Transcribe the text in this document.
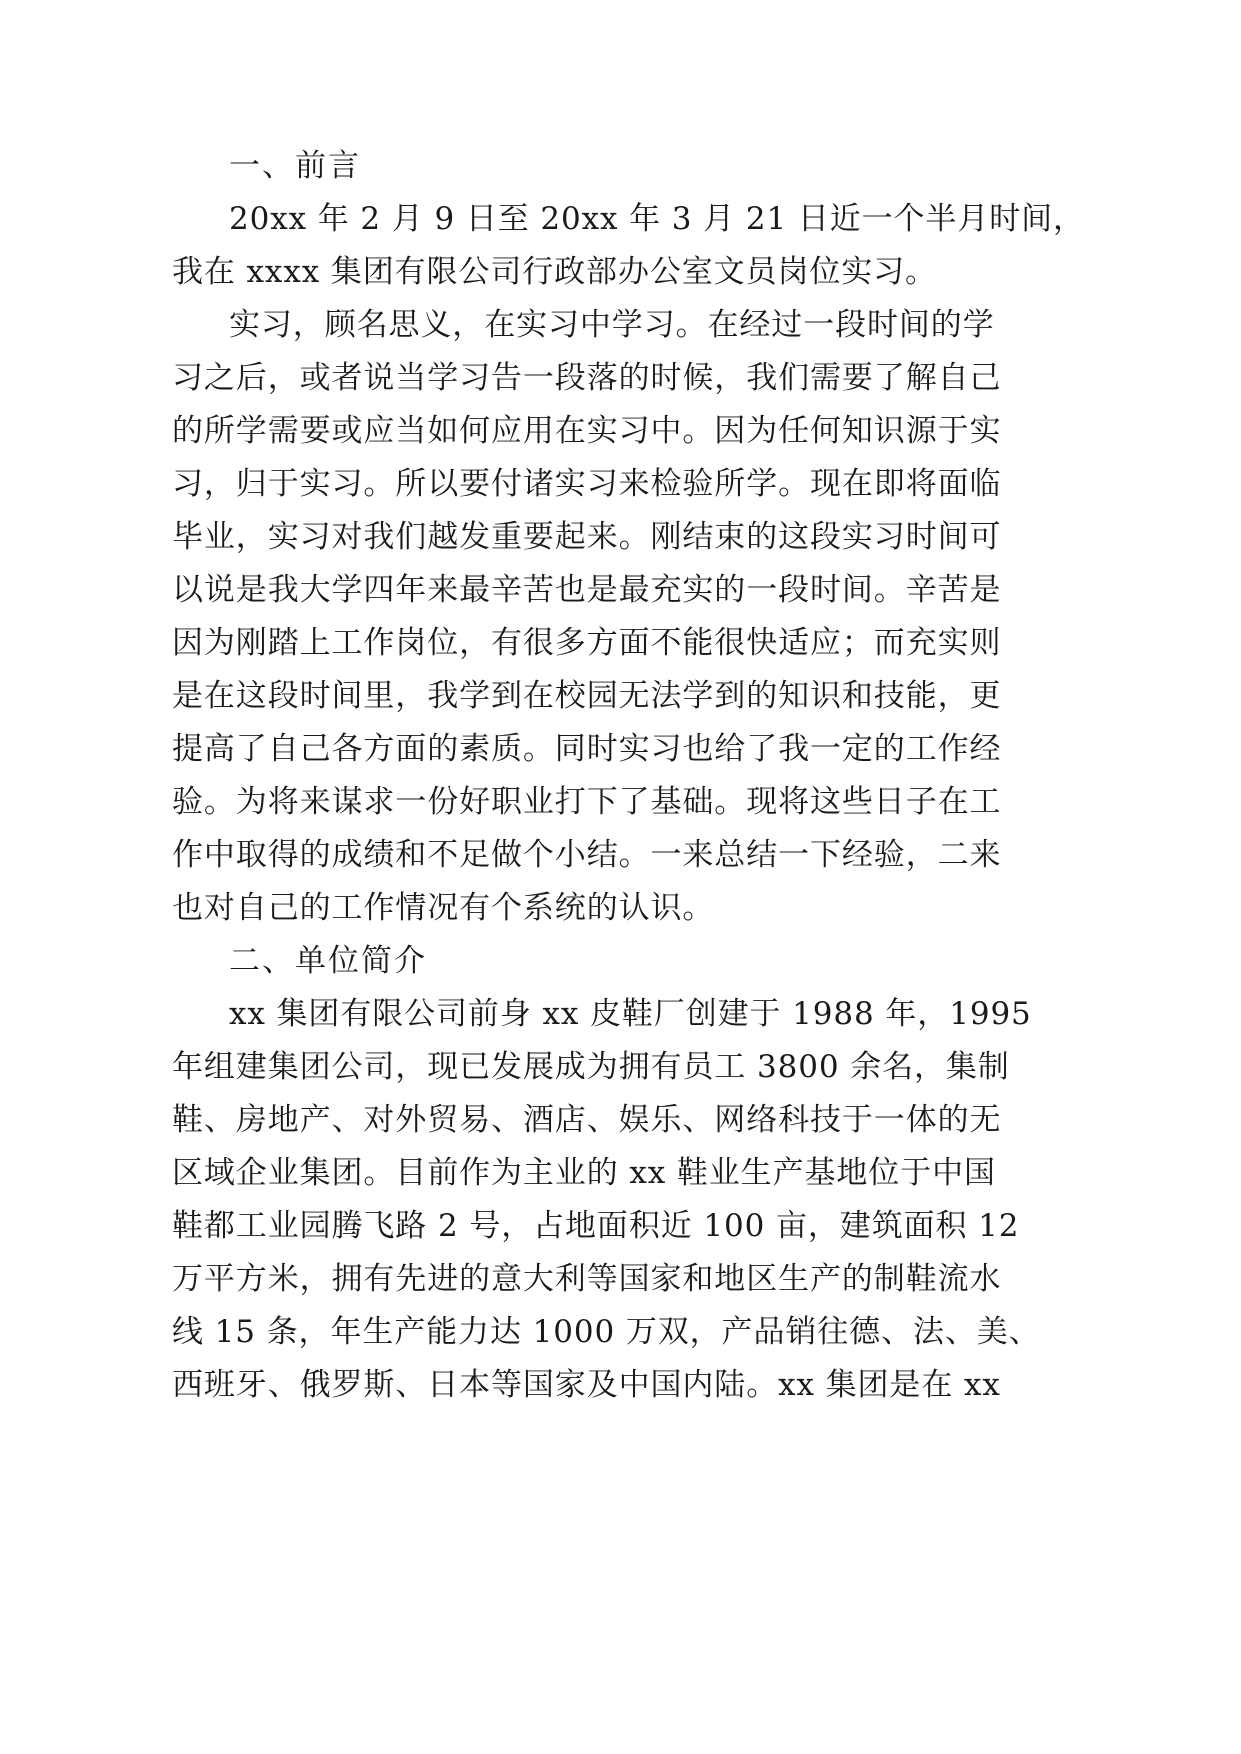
一、前言

20xx 年 2 月 9 日至 20xx 年 3 月 21 日近一个半月时间，

我在 xxxx 集团有限公司行政部办公室文员岗位实习。

实习，顾名思义，在实习中学习。在经过一段时间的学

习之后，或者说当学习告一段落的时候，我们需要了解自己

的所学需要或应当如何应用在实习中。因为任何知识源于实

习，归于实习。所以要付诸实习来检验所学。现在即将面临

毕业，实习对我们越发重要起来。刚结束的这段实习时间可

以说是我大学四年来最辛苦也是最充实的一段时间。辛苦是

因为刚踏上工作岗位，有很多方面不能很快适应；而充实则

是在这段时间里，我学到在校园无法学到的知识和技能，更

提高了自己各方面的素质。同时实习也给了我一定的工作经

验。为将来谋求一份好职业打下了基础。现将这些日子在工

作中取得的成绩和不足做个小结。一来总结一下经验，二来

也对自己的工作情况有个系统的认识。

二、单位简介

xx 集团有限公司前身 xx 皮鞋厂创建于 1988 年，1995

年组建集团公司，现已发展成为拥有员工 3800 余名，集制

鞋、房地产、对外贸易、酒店、娱乐、网络科技于一体的无

区域企业集团。目前作为主业的 xx 鞋业生产基地位于中国

鞋都工业园腾飞路 2 号，占地面积近 100 亩，建筑面积 12

万平方米，拥有先进的意大利等国家和地区生产的制鞋流水

线 15 条，年生产能力达 1000 万双，产品销往德、法、美、

西班牙、俄罗斯、日本等国家及中国内陆。xx 集团是在 xx
